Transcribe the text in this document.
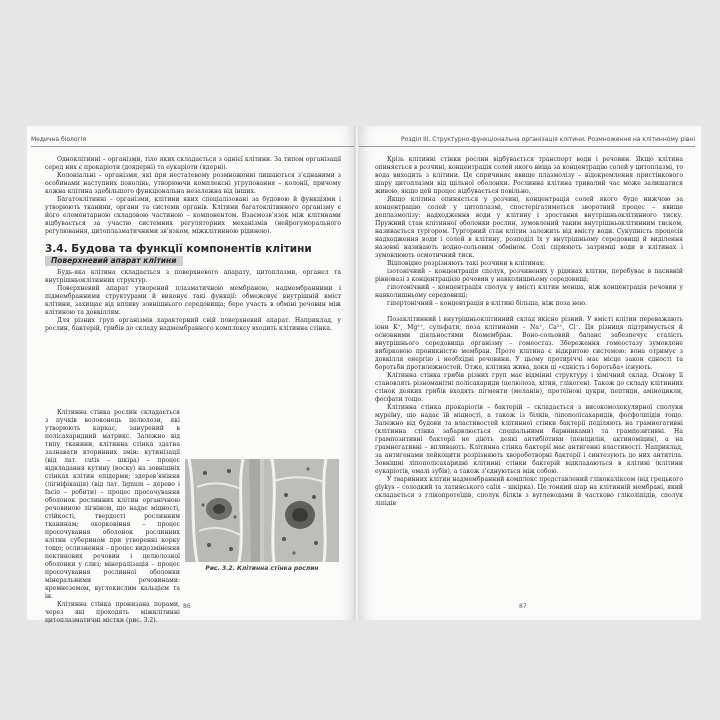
Медична біологія

Одноклітинні – організми, тіло яких складається з однієї клітини. За типом організації серед них є прокаріоти (доядерні) та еукаріоти (ядерні).

Колоніальні – організми, які при нестатевому розмноженні лишаються з’єднаними з особинами наступних поколінь, утворюючи комплексні угруповання – колонії, причому кожна клітина здебільшого функціональна незалежна від інших.

Багатоклітинні – організми, клітини яких спеціалізовані за будовою й функціями і утворюють тканини, органи та системи органів. Клітини багатоклітинного організму є його елементарною складовою частиною – компонентом. Взаємозв’язок між клітинами відбувається за участю системних регуляторних механізмів (нейрогуморального регулювання, цитоплазматичними зв’язком, міжклітинною рідиною).

3.4. Будова та функції компонентів клітини
Поверхневий апарат клітини

Будь-яка клітина складається з поверхневого апарату, цитоплазми, органел та внутрішньоклітинних структур.

Поверхневий апарат утворений плазматичною мембраною, надмембранними і підмембранними структурами й виконує такі функції: обмежовує внутрішній вміст клітини, захищає від впливу зовнішнього середовища; бере участь в обміні речовин між клітиною та довкіллям.

Для різних груп організмів характерний свій поверхневий апарат. Наприклад, у рослин, бактерій, грибів до складу надмембранного комплексу входить клітинна стінка.

Клітинна стінка рослин складається з пучків волоконець целюлози, які утворюють каркас, занурений в полісахаридний матрикс. Залежно від типу тканини, клітинна стінка здатна зазнавати вторинних змін: кутинізації (від лат. cutis – шкіра) – процес відкладання кутину (воску) на зовнішніх стінках клітин епідерми; здерев’яніння (лігніфікація) (від лат. lignum – дерево і facio – робити) – процес просочування оболонок рослинних клітин органічною речовиною лігніном, що надає міцності, стійкості, твердості рослинним тканинам; окорковіння – процес просочування оболонок рослинних клітин суберином при утворенні корку тощо; ослизнення – процес видозмінення пектинових речовин і целюлозної оболонки у слиз; мінералізація – процес просочування рослинної оболонки мінеральними речовинами: кремнеземом, вуглекислим кальцієм та ін.

Клітинна стінка пронизана порами, через які проходять міжклітинні цитоплазматичні містки (рис. 3.2).

Рис. 3.2. Клітинна стінка рослин
86
Розділ III. Структурно-функціональна організація клітини. Розмноження на клітинному рівні

Крізь клітинні стінки рослин відбувається транспорт води і речовин. Якщо клітина опиняється в розчині, концентрація солей якого вища за концентрацію солей у цитоплазмі, то вода виходить з клітини. Це спричиняє явище плазмолізу – відокремлення пристінкового шару цитоплазми від щільної оболонки. Рослинна клітина тривалий час може залишатися живою, якщо цей процес відбувається повільно.

Якщо клітина опиняється у розчині, концентрація солей якого буде нижчою за концентрацію солей у цитоплазмі, спостерігатиметься зворотний процес – явище деплазмолізу: надходження води у клітину і зростання внутрішньоклітинного тиску. Пружний стан клітинної оболонки рослин, зумовлений таким внутрішньоклітинним тиском, називається тургором. Тургорний стан клітин залежить від вмісту води. Сукупність процесів надходження води і солей в клітину, розподіл їх у внутрішньому середовищі й виділення назовні називають водно-сольовим обміном. Солі сприяють затримці води в клітинах і зумовлюють осмотичний тиск.

Відповідно розрізняють такі розчини в клітинах:

ізотонічний – концентрація сполук, розчинених у рідинах клітин, перебуває в пасивній рівновазі з концентрацією речовин у навколишньому середовищі;

гіпотонічний – концентрація сполук у вмісті клітин менша, ніж концентрація речовин у навколишньому середовищі;

гіпертонічний – концентрація в клітині більша, ніж поза нею.

Позаклітинний і внутрішньоклітинний склад якісно різний. У вмісті клітин переважають іони K⁺, Mg²⁺, сульфати; поза клітинами – Na⁺, Ca²⁺, Cl⁻. Ця різниця підтримується й основними діяльностями біомембран. Воно-сольовий баланс забезпечує сталість внутрішнього середовища організму – гомеостаз. Збереження гомеостазу зумовлене вибірковою проникністю мембран. Проте клітина є відкритою системою: вона отримує з довкілля енергію і необхідні речовини. У цьому протиріччі має місце закон єдності та боротьби протилежностей. Отже, клітина жива, доки ці «єдність і боротьба» існують.

Клітинна стінка грибів різних груп має відмінні структуру і хімічний склад. Основу її становлять різноманітні полісахариди (целюлоза, хітин, глікоген). Також до складу клітинних стінок деяких грибів входять пігменти (меланін), протеїнові цукри, пептиди, аміноцикли, фосфати тощо.

Клітинна стінка прокаріотів – бактерій – складається з високомолекулярної сполуки муреїну, що надає їй міцності, а також із білків, ліпополісахаридів, фосфоліпідів тощо. Залежно від будови та властивостей клітинної стінки бактерії поділяють на грамнегативні (клітинна стінка забарвлюється спеціальними барвниками) та грампозитивні. На грампозитивні бактерії не діють деякі антибіотики (пеніцилін, актиноміцин), а на грамнегативні – впливають. Клітинна стінка бактерії має антигенні властивості. Наприклад, за антигенами лейкоцити розрізняють хвороботворні бактерії і синтезують до них антитіла. Зовнішні ліпополісахаридні клітинні стінки бактерій відкладаються в клітині (клітини еукаріотів, емалі зубів), а також з’єднуються між собою.

У тваринних клітин надмембранний комплекс представлений глікокаліксом (від грецького glykys – солодкий та латинського calix – шкірка). Це тонкий шар на клітинній мембрані, який складається з глікопротеїдів, сполук білків з вуглеводами й частково гліколіпідів, сполук ліпідів

87
